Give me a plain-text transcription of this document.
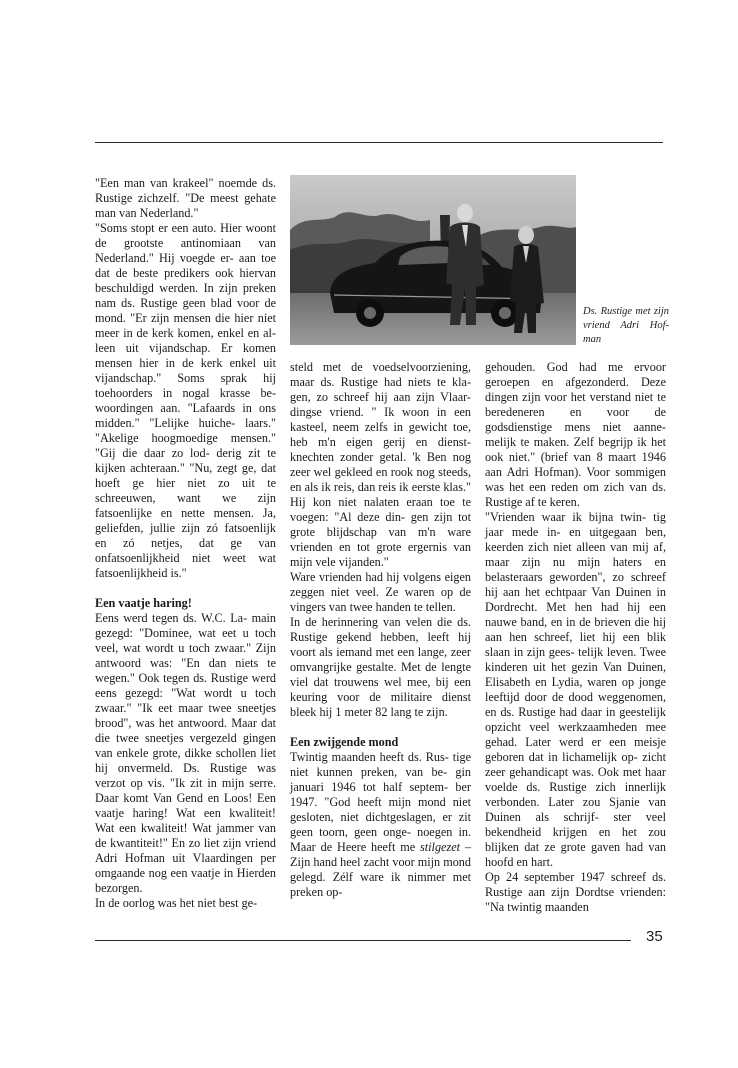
"Een man van krakeel" noemde ds. Rustige zichzelf. "De meest gehate man van Nederland."

"Soms stopt er een auto. Hier woont de grootste antinomiaan van Nederland." Hij voegde er- aan toe dat de beste predikers ook hiervan beschuldigd werden. In zijn preken nam ds. Rustige geen blad voor de mond. "Er zijn mensen die hier niet meer in de kerk komen, enkel en al- leen uit vijandschap. Er komen mensen hier in de kerk enkel uit vijandschap." Soms sprak hij toehoorders in nogal krasse be- woordingen aan. "Lafaards in ons midden." "Lelijke huiche- laars." "Akelige hoogmoedige mensen." "Gij die daar zo lod- derig zit te kijken achteraan." "Nu, zegt ge, dat hoeft ge hier niet zo uit te schreeuwen, want we zijn fatsoenlijke en nette mensen. Ja, geliefden, jullie zijn zó fatsoenlijk en zó netjes, dat ge van onfatsoenlijkheid niet weet wat fatsoenlijkheid is."

Een vaatje haring!

Eens werd tegen ds. W.C. La- main gezegd: "Dominee, wat eet u toch veel, wat wordt u toch zwaar." Zijn antwoord was: "En dan niets te wegen." Ook tegen ds. Rustige werd eens gezegd: "Wat wordt u toch zwaar." "Ik eet maar twee sneetjes brood", was het antwoord. Maar dat die twee sneetjes vergezeld gingen van enkele grote, dikke schollen liet hij onvermeld. Ds. Rustige was verzot op vis. "Ik zit in mijn serre. Daar komt Van Gend en Loos! Een vaatje haring! Wat een kwaliteit! Wat een kwaliteit! Wat jammer van de kwantiteit!" En zo liet zijn vriend Adri Hofman uit Vlaardingen per omgaande nog een vaatje in Hierden bezorgen.

In de oorlog was het niet best ge-

Ds. Rustige met zijn vriend Adri Hof- man

steld met de voedselvoorziening, maar ds. Rustige had niets te kla- gen, zo schreef hij aan zijn Vlaar- dingse vriend. " Ik woon in een kasteel, neem zelfs in gewicht toe, heb m'n eigen gerij en dienst- knechten zonder getal. 'k Ben nog zeer wel gekleed en rook nog steeds, en als ik reis, dan reis ik eerste klas." Hij kon niet nalaten eraan toe te voegen: "Al deze din- gen zijn tot grote blijdschap van m'n ware vrienden en tot grote ergernis van mijn vele vijanden."

Ware vrienden had hij volgens eigen zeggen niet veel. Ze waren op de vingers van twee handen te tellen.

In de herinnering van velen die ds. Rustige gekend hebben, leeft hij voort als iemand met een lange, zeer omvangrijke gestalte. Met de lengte viel dat trouwens wel mee, bij een keuring voor de militaire dienst bleek hij 1 meter 82 lang te zijn.

Een zwijgende mond

Twintig maanden heeft ds. Rus- tige niet kunnen preken, van be- gin januari 1946 tot half septem- ber 1947. "God heeft mijn mond niet gesloten, niet dichtgeslagen, er zit geen toorn, geen onge- noegen in. Maar de Heere heeft me stilgezet – Zijn hand heel zacht voor mijn mond gelegd. Zélf ware ik nimmer met preken op-

gehouden. God had me ervoor geroepen en afgezonderd. Deze dingen zijn voor het verstand niet te beredeneren en voor de godsdienstige mens niet aanne- melijk te maken. Zelf begrijp ik het ook niet." (brief van 8 maart 1946 aan Adri Hofman). Voor sommigen was het een reden om zich van ds. Rustige af te keren.

"Vrienden waar ik bijna twin- tig jaar mede in- en uitgegaan ben, keerden zich niet alleen van mij af, maar zijn nu mijn haters en belasteraars geworden", zo schreef hij aan het echtpaar Van Duinen in Dordrecht. Met hen had hij een nauwe band, en in de brieven die hij aan hen schreef, liet hij een blik slaan in zijn gees- telijk leven. Twee kinderen uit het gezin Van Duinen, Elisabeth en Lydia, waren op jonge leeftijd door de dood weggenomen, en ds. Rustige had daar in geestelijk opzicht veel werkzaamheden mee gehad. Later werd er een meisje geboren dat in lichamelijk op- zicht zeer gehandicapt was. Ook met haar voelde ds. Rustige zich innerlijk verbonden. Later zou Sjanie van Duinen als schrijf- ster veel bekendheid krijgen en het zou blijken dat ze grote gaven had van hoofd en hart.

Op 24 september 1947 schreef ds. Rustige aan zijn Dordtse vrienden: "Na twintig maanden

35
